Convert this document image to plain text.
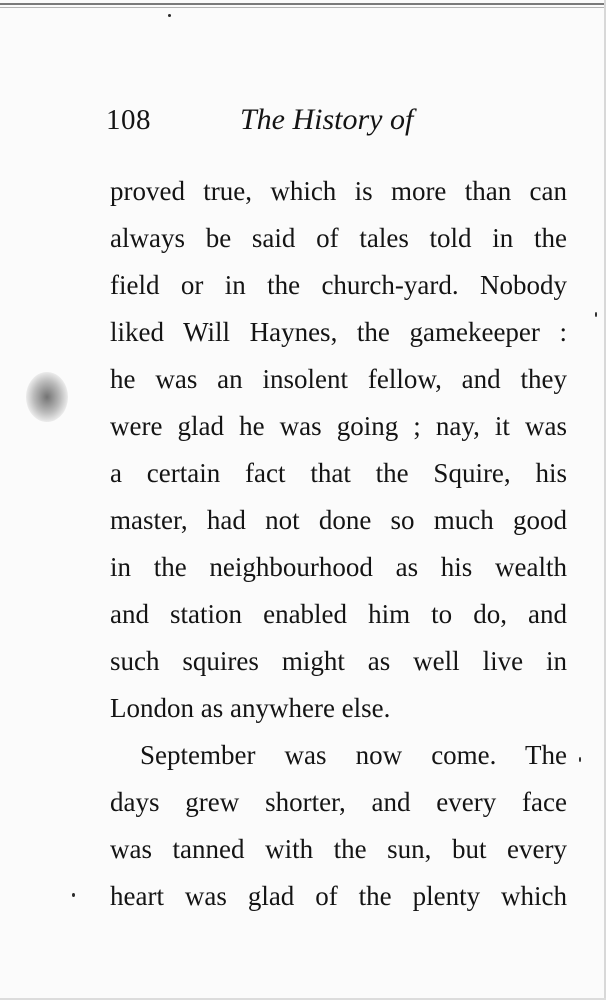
108	The History of
proved true, which is more than can
always be said of tales told in the
field or in the church-yard. Nobody
liked Will Haynes, the gamekeeper :
he was an insolent fellow, and they
were glad he was going ; nay, it was
a certain fact that the Squire, his
master, had not done so much good
in the neighbourhood as his wealth
and station enabled him to do, and
such squires might as well live in
London as anywhere else.
September was now come. The
days grew shorter, and every face
was tanned with the sun, but every
heart was glad of the plenty which
